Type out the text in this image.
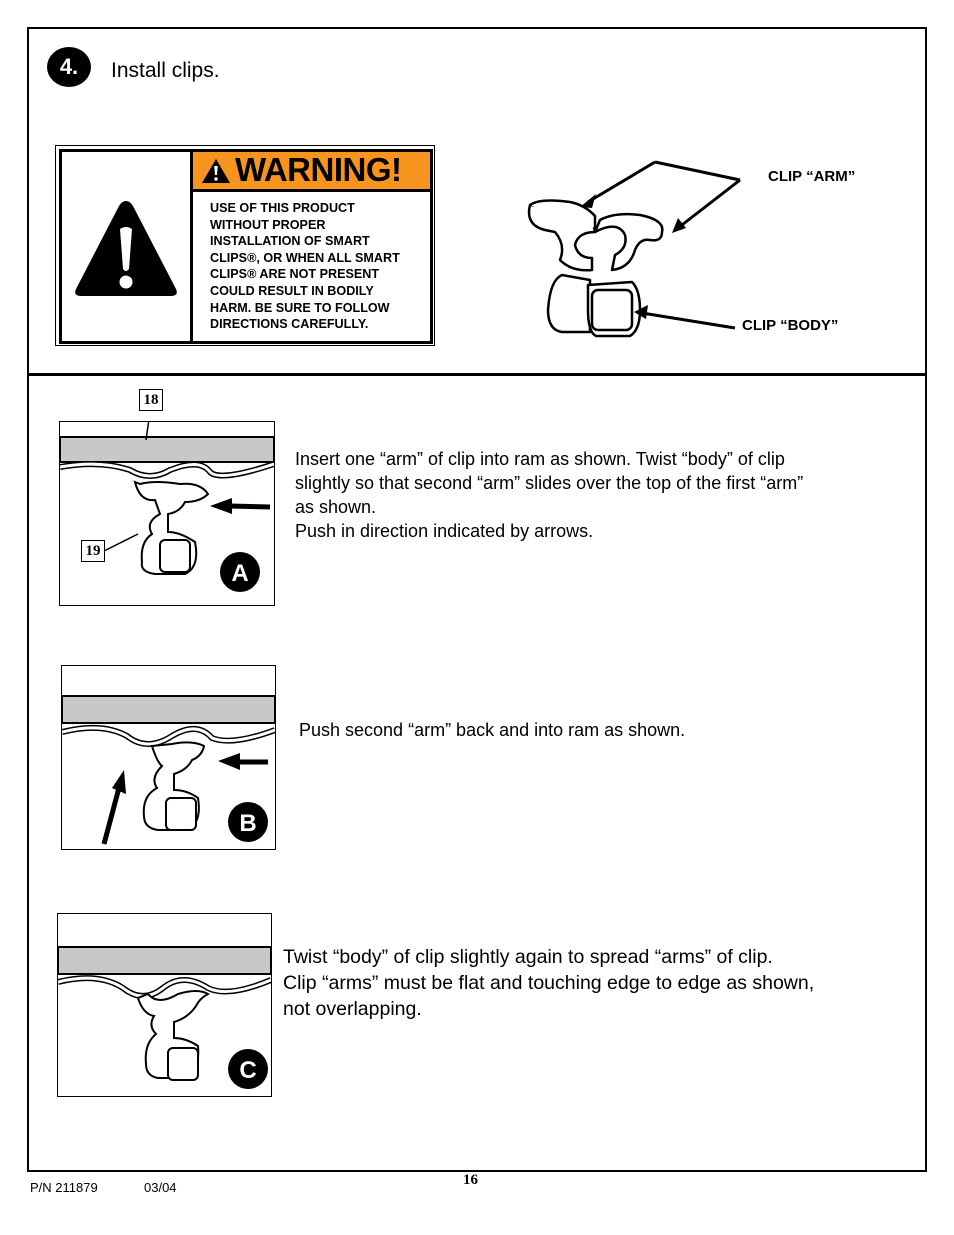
4.	Install clips.
WARNING!
USE OF THIS PRODUCT
WITHOUT PROPER
INSTALLATION OF SMART
CLIPS®, OR WHEN ALL SMART
CLIPS® ARE NOT PRESENT
COULD RESULT IN BODILY
HARM. BE SURE TO FOLLOW
DIRECTIONS CAREFULLY.
CLIP “ARM”
CLIP “BODY”
18
A
19
Insert one “arm” of clip into ram as shown. Twist “body” of clip
slightly so that second “arm” slides over the top of the first “arm”
as shown.
Push in direction indicated by arrows.
B
Push second “arm” back and into ram as shown.
C
Twist “body” of clip slightly again to spread “arms” of clip.
Clip “arms” must be flat and touching edge to edge as shown,
not overlapping.
P/N 211879	03/04	16
